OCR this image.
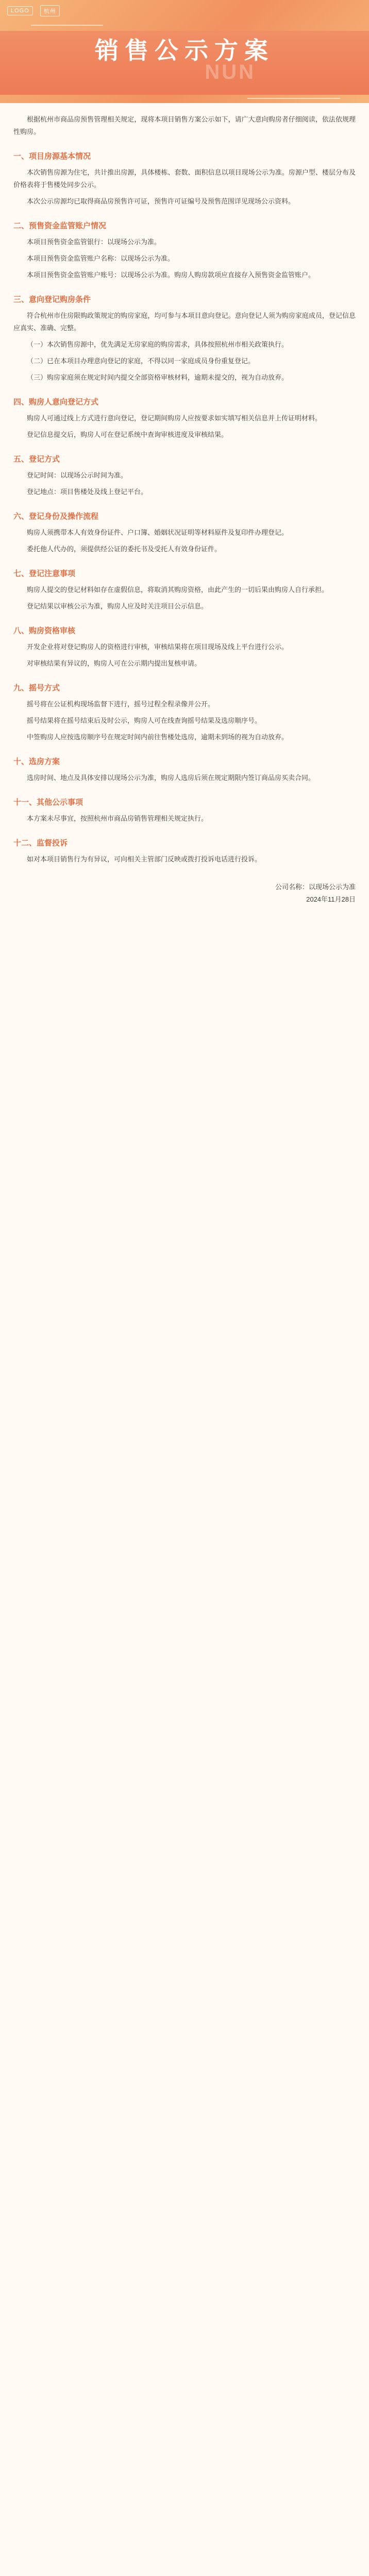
LOGO	杭州
NUN
销售公示方案

根据杭州市商品房预售管理相关规定，现将本项目销售方案公示如下，请广大意向购房者仔细阅读，依法依规理性购房。

一、项目房源基本情况

本次销售房源为住宅，共计推出房源，具体楼栋、套数、面积信息以项目现场公示为准。房源户型、楼层分布及价格表将于售楼处同步公示。

本次公示房源均已取得商品房预售许可证，预售许可证编号及预售范围详见现场公示资料。

二、预售资金监管账户情况

本项目预售资金监管银行：以现场公示为准。

本项目预售资金监管账户名称：以现场公示为准。

本项目预售资金监管账户账号：以现场公示为准。购房人购房款项应直接存入预售资金监管账户。

三、意向登记购房条件

符合杭州市住房限购政策规定的购房家庭，均可参与本项目意向登记。意向登记人须为购房家庭成员，登记信息应真实、准确、完整。

（一）本次销售房源中，优先满足无房家庭的购房需求，具体按照杭州市相关政策执行。

（二）已在本项目办理意向登记的家庭，不得以同一家庭成员身份重复登记。

（三）购房家庭须在规定时间内提交全部资格审核材料，逾期未提交的，视为自动放弃。

四、购房人意向登记方式

购房人可通过线上方式进行意向登记，登记期间购房人应按要求如实填写相关信息并上传证明材料。

登记信息提交后，购房人可在登记系统中查询审核进度及审核结果。

五、登记方式

登记时间：以现场公示时间为准。

登记地点：项目售楼处及线上登记平台。

六、登记身份及操作流程

购房人须携带本人有效身份证件、户口簿、婚姻状况证明等材料原件及复印件办理登记。

委托他人代办的，须提供经公证的委托书及受托人有效身份证件。

七、登记注意事项

购房人提交的登记材料如存在虚假信息，将取消其购房资格，由此产生的一切后果由购房人自行承担。

登记结果以审核公示为准，购房人应及时关注项目公示信息。

八、购房资格审核

开发企业将对登记购房人的资格进行审核，审核结果将在项目现场及线上平台进行公示。

对审核结果有异议的，购房人可在公示期内提出复核申请。

九、摇号方式

摇号将在公证机构现场监督下进行，摇号过程全程录像并公开。

摇号结果将在摇号结束后及时公示，购房人可在线查询摇号结果及选房顺序号。

中签购房人应按选房顺序号在规定时间内前往售楼处选房，逾期未到场的视为自动放弃。

十、选房方案

选房时间、地点及具体安排以现场公示为准，购房人选房后须在规定期限内签订商品房买卖合同。

十一、其他公示事项

本方案未尽事宜，按照杭州市商品房销售管理相关规定执行。

十二、监督投诉

如对本项目销售行为有异议，可向相关主管部门反映或拨打投诉电话进行投诉。

公司名称：以现场公示为准
2024年11月28日
